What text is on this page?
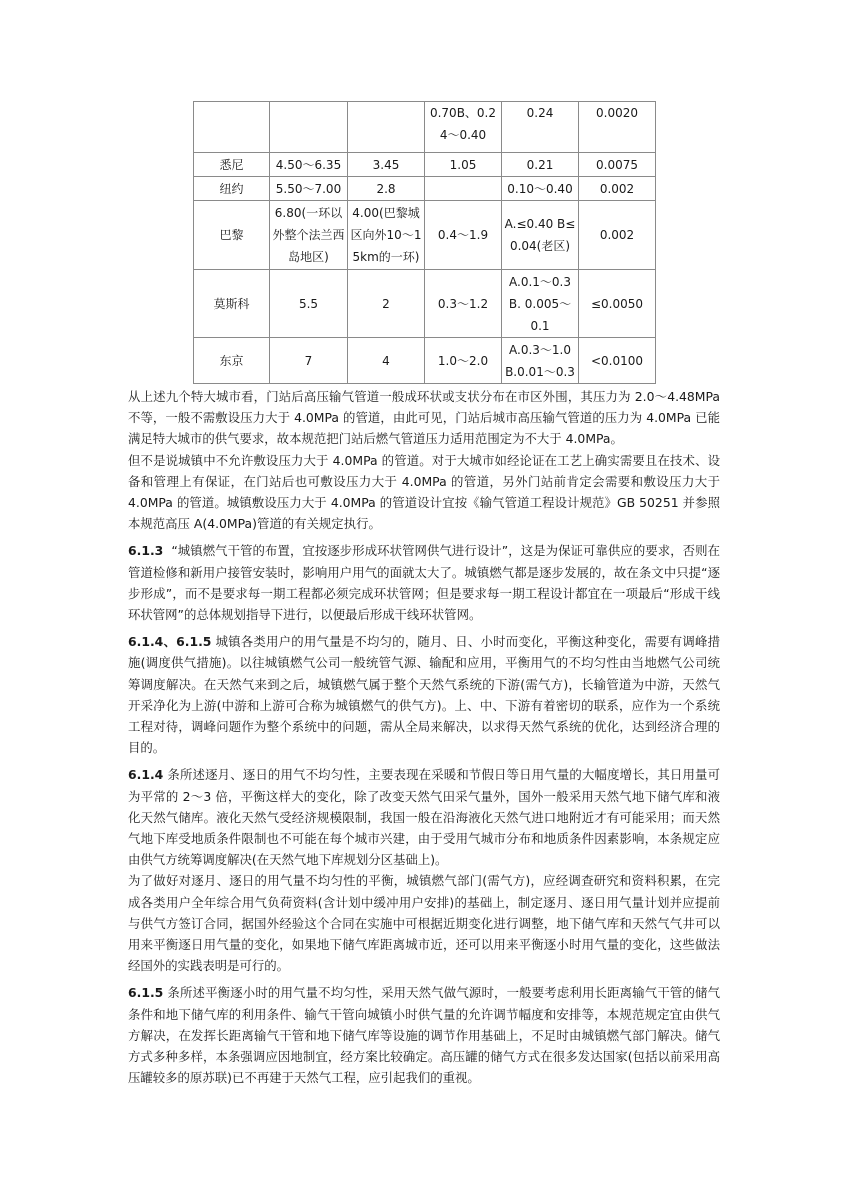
			0.70B、0.24～0.40	0.24	0.0020
悉尼	4.50～6.35	3.45	1.05	0.21	0.0075
纽约	5.50～7.00	2.8		0.10～0.40	0.002
巴黎	6.80(一环以外整个法兰西岛地区)	4.00(巴黎城区向外10～15km的一环)	0.4～1.9	A.≤0.40 B≤0.04(老区)	0.002
莫斯科	5.5	2	0.3～1.2	A.0.1～0.3 B. 0.005～0.1	≤0.0050
东京	7	4	1.0～2.0	A.0.3～1.0 B.0.01～0.3	<0.0100

从上述九个特大城市看，门站后高压输气管道一般成环状或支状分布在市区外围，其压力为 2.0～4.48MPa不等，一般不需敷设压力大于 4.0MPa 的管道，由此可见，门站后城市高压输气管道的压力为 4.0MPa 已能满足特大城市的供气要求，故本规范把门站后燃气管道压力适用范围定为不大于 4.0MPa。

但不是说城镇中不允许敷设压力大于 4.0MPa 的管道。对于大城市如经论证在工艺上确实需要且在技术、设备和管理上有保证，在门站后也可敷设压力大于 4.0MPa 的管道，另外门站前肯定会需要和敷设压力大于 4.0MPa 的管道。城镇敷设压力大于 4.0MPa 的管道设计宜按《输气管道工程设计规范》GB 50251 并参照本规范高压 A(4.0MPa)管道的有关规定执行。

6.1.3 “城镇燃气干管的布置，宜按逐步形成环状管网供气进行设计”，这是为保证可靠供应的要求，否则在管道检修和新用户接管安装时，影响用户用气的面就太大了。城镇燃气都是逐步发展的，故在条文中只提“逐步形成”，而不是要求每一期工程都必须完成环状管网；但是要求每一期工程设计都宜在一项最后“形成干线环状管网”的总体规划指导下进行，以便最后形成干线环状管网。

6.1.4、6.1.5 城镇各类用户的用气量是不均匀的，随月、日、小时而变化，平衡这种变化，需要有调峰措施(调度供气措施)。以往城镇燃气公司一般统管气源、输配和应用，平衡用气的不均匀性由当地燃气公司统筹调度解决。在天然气来到之后，城镇燃气属于整个天然气系统的下游(需气方)，长输管道为中游，天然气开采净化为上游(中游和上游可合称为城镇燃气的供气方)。上、中、下游有着密切的联系，应作为一个系统工程对待，调峰问题作为整个系统中的问题，需从全局来解决，以求得天然气系统的优化，达到经济合理的目的。

6.1.4 条所述逐月、逐日的用气不均匀性，主要表现在采暖和节假日等日用气量的大幅度增长，其日用量可为平常的 2～3 倍，平衡这样大的变化，除了改变天然气田采气量外，国外一般采用天然气地下储气库和液化天然气储库。液化天然气受经济规模限制，我国一般在沿海液化天然气进口地附近才有可能采用；而天然气地下库受地质条件限制也不可能在每个城市兴建，由于受用气城市分布和地质条件因素影响，本条规定应由供气方统筹调度解决(在天然气地下库规划分区基础上)。

为了做好对逐月、逐日的用气量不均匀性的平衡，城镇燃气部门(需气方)，应经调查研究和资料积累，在完成各类用户全年综合用气负荷资料(含计划中缓冲用户安排)的基础上，制定逐月、逐日用气量计划并应提前与供气方签订合同，据国外经验这个合同在实施中可根据近期变化进行调整，地下储气库和天然气气井可以用来平衡逐日用气量的变化，如果地下储气库距离城市近，还可以用来平衡逐小时用气量的变化，这些做法经国外的实践表明是可行的。

6.1.5 条所述平衡逐小时的用气量不均匀性，采用天然气做气源时，一般要考虑利用长距离输气干管的储气条件和地下储气库的利用条件、输气干管向城镇小时供气量的允许调节幅度和安排等，本规范规定宜由供气方解决，在发挥长距离输气干管和地下储气库等设施的调节作用基础上，不足时由城镇燃气部门解决。储气方式多种多样，本条强调应因地制宜，经方案比较确定。高压罐的储气方式在很多发达国家(包括以前采用高压罐较多的原苏联)已不再建于天然气工程，应引起我们的重视。
